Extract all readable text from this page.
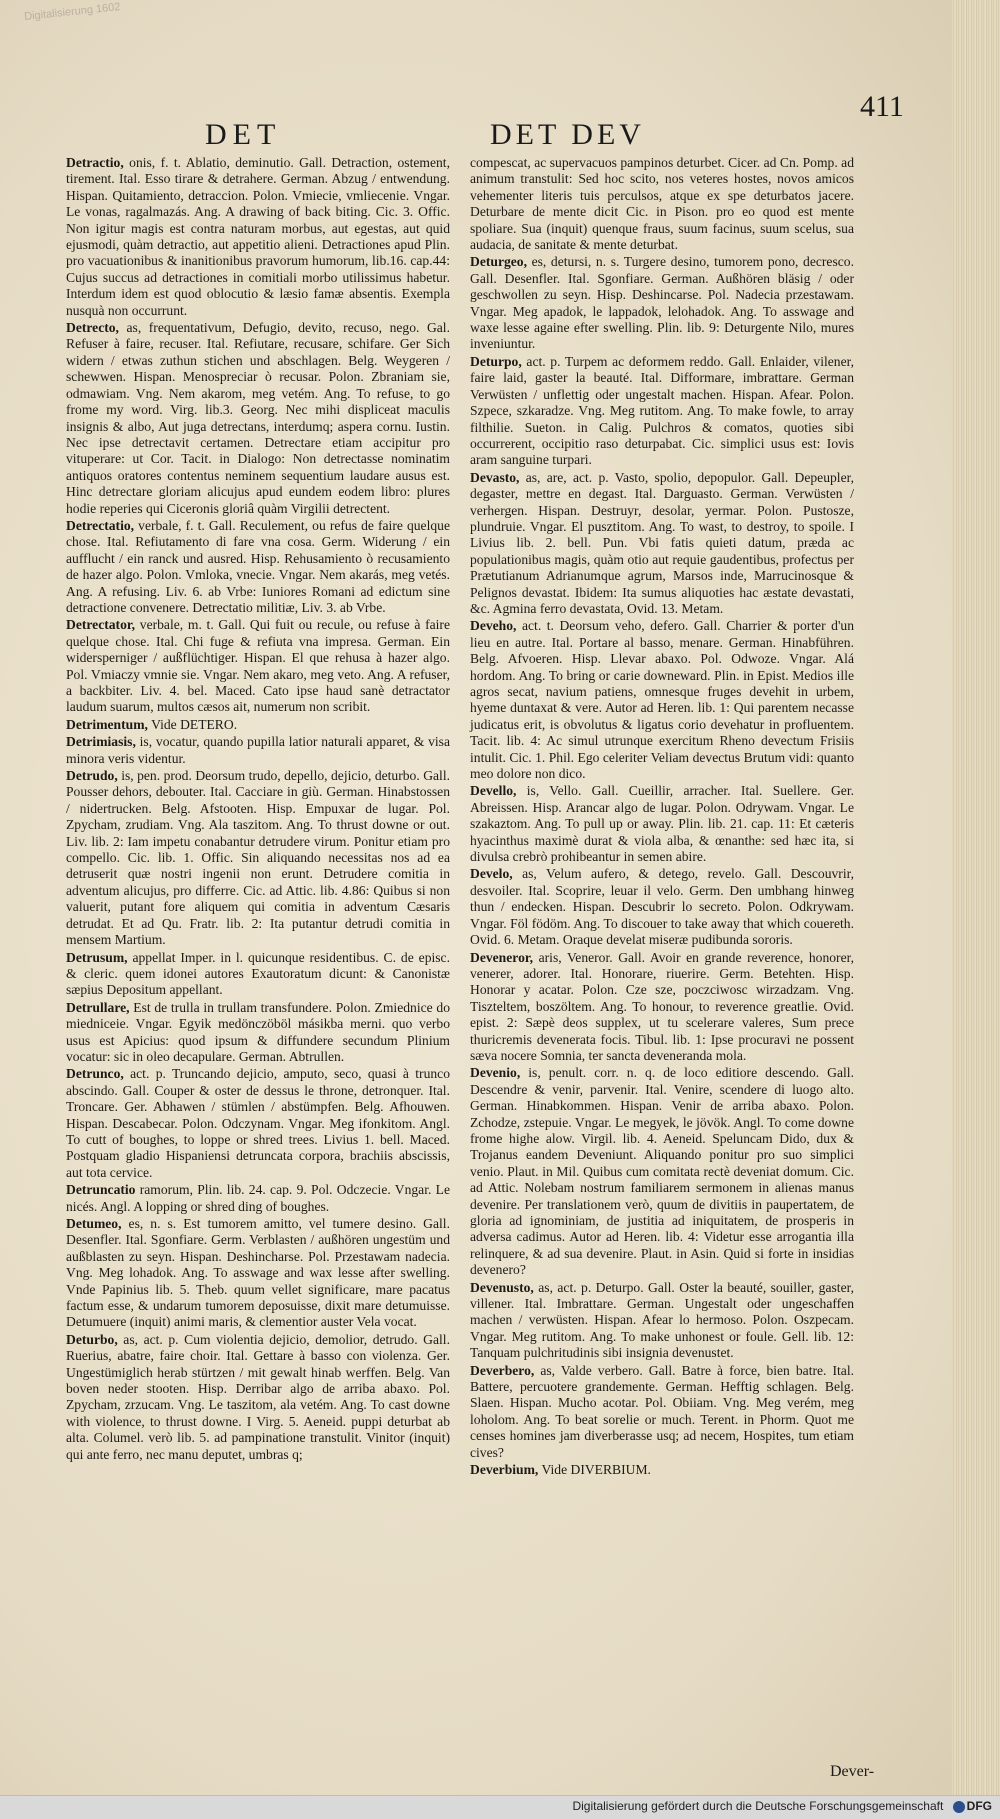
Digitalisierung 1602
DET	DET DEV
411
Detractio, onis, f. t. Ablatio, deminutio. Gall. Detraction, ostement, tirement. Ital. Esso tirare & detrahere. German. Abzug / entwendung. Hispan. Quitamiento, detraccion. Polon. Vmiecie, vmliecenie. Vngar. Le vonas, ragalmazás. Ang. A drawing of back biting. Cic. 3. Offic. Non igitur magis est contra naturam morbus, aut egestas, aut quid ejusmodi, quàm detractio, aut appetitio alieni. Detractiones apud Plin. pro vacuationibus & inanitionibus pravorum humorum, lib.16. cap.44: Cujus succus ad detractiones in comitiali morbo utilissimus habetur. Interdum idem est quod oblocutio & læsio famæ absentis. Exempla nusquà non occurrunt.
Detrecto, as, frequentativum, Defugio, devito, recuso, nego. Gal. Refuser à faire, recuser. Ital. Refiutare, recusare, schifare. Ger Sich widern / etwas zuthun stichen und abschlagen. Belg. Weygeren / schewwen. Hispan. Menospreciar ò recusar. Polon. Zbraniam sie, odmawiam. Vng. Nem akarom, meg vetém. Ang. To refuse, to go frome my word. Virg. lib.3. Georg. Nec mihi displiceat maculis insignis & albo, Aut juga detrectans, interdumq; aspera cornu. Iustin. Nec ipse detrectavit certamen. Detrectare etiam accipitur pro vituperare: ut Cor. Tacit. in Dialogo: Non detrectasse nominatim antiquos oratores contentus neminem sequentium laudare ausus est. Hinc detrectare gloriam alicujus apud eundem eodem libro: plures hodie reperies qui Ciceronis gloriâ quàm Virgilii detrectent.
Detrectatio, verbale, f. t. Gall. Reculement, ou refus de faire quelque chose. Ital. Refiutamento di fare vna cosa. Germ. Widerung / ein aufflucht / ein ranck und ausred. Hisp. Rehusamiento ò recusamiento de hazer algo. Polon. Vmloka, vnecie. Vngar. Nem akarás, meg vetés. Ang. A refusing. Liv. 6. ab Vrbe: Iuniores Romani ad edictum sine detractione convenere. Detrectatio militiæ, Liv. 3. ab Vrbe.
Detrectator, verbale, m. t. Gall. Qui fuit ou recule, ou refuse à faire quelque chose. Ital. Chi fuge & refiuta vna impresa. German. Ein widersperniger / außflüchtiger. Hispan. El que rehusa à hazer algo. Pol. Vmiaczy vmnie sie. Vngar. Nem akaro, meg veto. Ang. A refuser, a backbiter. Liv. 4. bel. Maced. Cato ipse haud sanè detractator laudum suarum, multos cæsos ait, numerum non scribit.
Detrimentum, Vide DETERO.
Detrimiasis, is, vocatur, quando pupilla latior naturali apparet, & visa minora veris videntur.
Detrudo, is, pen. prod. Deorsum trudo, depello, dejicio, deturbo. Gall. Pousser dehors, debouter. Ital. Cacciare in giù. German. Hinabstossen / nidertrucken. Belg. Afstooten. Hisp. Empuxar de lugar. Pol. Zpycham, zrudiam. Vng. Ala taszitom. Ang. To thrust downe or out. Liv. lib. 2: Iam impetu conabantur detrudere virum. Ponitur etiam pro compello. Cic. lib. 1. Offic. Sin aliquando necessitas nos ad ea detruserit quæ nostri ingenii non erunt. Detrudere comitia in adventum alicujus, pro differre. Cic. ad Attic. lib. 4.86: Quibus si non valuerit, putant fore aliquem qui comitia in adventum Cæsaris detrudat. Et ad Qu. Fratr. lib. 2: Ita putantur detrudi comitia in mensem Martium.
Detrusum, appellat Imper. in l. quicunque residentibus. C. de episc. & cleric. quem idonei autores Exautoratum dicunt: & Canonistæ sæpius Depositum appellant.
Detrullare, Est de trulla in trullam transfundere. Polon. Zmiednice do miedniceie. Vngar. Egyik medönczöböl másikba merni. quo verbo usus est Apicius: quod ipsum & diffundere secundum Plinium vocatur: sic in oleo decapulare. German. Abtrullen.
Detrunco, act. p. Truncando dejicio, amputo, seco, quasi à trunco abscindo. Gall. Couper & oster de dessus le throne, detronquer. Ital. Troncare. Ger. Abhawen / stümlen / abstümpfen. Belg. Afhouwen. Hispan. Descabecar. Polon. Odczynam. Vngar. Meg ifonkitom. Angl. To cutt of boughes, to loppe or shred trees. Livius 1. bell. Maced. Postquam gladio Hispaniensi detruncata corpora, brachiis abscissis, aut tota cervice.
Detruncatio ramorum, Plin. lib. 24. cap. 9. Pol. Odczecie. Vngar. Le nicés. Angl. A lopping or shred ding of boughes.
Detumeo, es, n. s. Est tumorem amitto, vel tumere desino. Gall. Desenfler. Ital. Sgonfiare. Germ. Verblasten / außhören ungestüm und außblasten zu seyn. Hispan. Deshincharse. Pol. Przestawam nadecia. Vng. Meg lohadok. Ang. To asswage and wax lesse after swelling. Vnde Papinius lib. 5. Theb. quum vellet significare, mare pacatus factum esse, & undarum tumorem deposuisse, dixit mare detumuisse. Detumuere (inquit) animi maris, & clementior auster Vela vocat.
Deturbo, as, act. p. Cum violentia dejicio, demolior, detrudo. Gall. Ruerius, abatre, faire choir. Ital. Gettare à basso con violenza. Ger. Ungestümiglich herab stürtzen / mit gewalt hinab werffen. Belg. Van boven neder stooten. Hisp. Derribar algo de arriba abaxo. Pol. Zpycham, zrzucam. Vng. Le taszitom, ala vetém. Ang. To cast downe with violence, to thrust downe. I Virg. 5. Aeneid. puppi deturbat ab alta. Columel. verò lib. 5. ad pampinatione transtulit. Vinitor (inquit) qui ante ferro, nec manu deputet, umbras q;
compescat, ac supervacuos pampinos deturbet. Cicer. ad Cn. Pomp. ad animum transtulit: Sed hoc scito, nos veteres hostes, novos amicos vehementer literis tuis perculsos, atque ex spe deturbatos jacere. Deturbare de mente dicit Cic. in Pison. pro eo quod est mente spoliare. Sua (inquit) quenque fraus, suum facinus, suum scelus, sua audacia, de sanitate & mente deturbat.
Deturgeo, es, detursi, n. s. Turgere desino, tumorem pono, decresco. Gall. Desenfler. Ital. Sgonfiare. German. Außhören bläsig / oder geschwollen zu seyn. Hisp. Deshincarse. Pol. Nadecia przestawam. Vngar. Meg apadok, le lappadok, lelohadok. Ang. To asswage and waxe lesse againe efter swelling. Plin. lib. 9: Deturgente Nilo, mures inveniuntur.
Deturpo, act. p. Turpem ac deformem reddo. Gall. Enlaider, vilener, faire laid, gaster la beauté. Ital. Difformare, imbrattare. German Verwüsten / unflettig oder ungestalt machen. Hispan. Afear. Polon. Szpece, szkaradze. Vng. Meg rutitom. Ang. To make fowle, to array filthilie. Sueton. in Calig. Pulchros & comatos, quoties sibi occurrerent, occipitio raso deturpabat. Cic. simplici usus est: Iovis aram sanguine turpari.
Devasto, as, are, act. p. Vasto, spolio, depopulor. Gall. Depeupler, degaster, mettre en degast. Ital. Darguasto. German. Verwüsten / verhergen. Hispan. Destruyr, desolar, yermar. Polon. Pustosze, plundruie. Vngar. El pusztitom. Ang. To wast, to destroy, to spoile. I Livius lib. 2. bell. Pun. Vbi fatis quieti datum, præda ac populationibus magis, quàm otio aut requie gaudentibus, profectus per Prætutianum Adrianumque agrum, Marsos inde, Marrucinosque & Pelignos devastat. Ibidem: Ita sumus aliquoties hac æstate devastati, &c. Agmina ferro devastata, Ovid. 13. Metam.
Deveho, act. t. Deorsum veho, defero. Gall. Charrier & porter d'un lieu en autre. Ital. Portare al basso, menare. German. Hinabführen. Belg. Afvoeren. Hisp. Llevar abaxo. Pol. Odwoze. Vngar. Alá hordom. Ang. To bring or carie downeward. Plin. in Epist. Medios ille agros secat, navium patiens, omnesque fruges devehit in urbem, hyeme duntaxat & vere. Autor ad Heren. lib. 1: Qui parentem necasse judicatus erit, is obvolutus & ligatus corio devehatur in profluentem. Tacit. lib. 4: Ac simul utrunque exercitum Rheno devectum Frisiis intulit. Cic. 1. Phil. Ego celeriter Veliam devectus Brutum vidi: quanto meo dolore non dico.
Devello, is, Vello. Gall. Cueillir, arracher. Ital. Suellere. Ger. Abreissen. Hisp. Arancar algo de lugar. Polon. Odrywam. Vngar. Le szakaztom. Ang. To pull up or away. Plin. lib. 21. cap. 11: Et cæteris hyacinthus maximè durat & viola alba, & œnanthe: sed hæc ita, si divulsa crebrò prohibeantur in semen abire.
Develo, as, Velum aufero, & detego, revelo. Gall. Descouvrir, desvoiler. Ital. Scoprire, leuar il velo. Germ. Den umbhang hinweg thun / endecken. Hispan. Descubrir lo secreto. Polon. Odkrywam. Vngar. Föl födöm. Ang. To discouer to take away that which couereth. Ovid. 6. Metam. Oraque develat miseræ pudibunda sororis.
Deveneror, aris, Veneror. Gall. Avoir en grande reverence, honorer, venerer, adorer. Ital. Honorare, riuerire. Germ. Betehten. Hisp. Honorar y acatar. Polon. Cze sze, poczciwosc wirzadzam. Vng. Tiszteltem, boszöltem. Ang. To honour, to reverence greatlie. Ovid. epist. 2: Sæpè deos supplex, ut tu scelerare valeres, Sum prece thuricremis devenerata focis. Tibul. lib. 1: Ipse procuravi ne possent sæva nocere Somnia, ter sancta deveneranda mola.
Devenio, is, penult. corr. n. q. de loco editiore descendo. Gall. Descendre & venir, parvenir. Ital. Venire, scendere di luogo alto. German. Hinabkommen. Hispan. Venir de arriba abaxo. Polon. Zchodze, zstepuie. Vngar. Le megyek, le jövök. Angl. To come downe frome highe alow. Virgil. lib. 4. Aeneid. Speluncam Dido, dux & Trojanus eandem Deveniunt. Aliquando ponitur pro suo simplici venio. Plaut. in Mil. Quibus cum comitata rectè deveniat domum. Cic. ad Attic. Nolebam nostrum familiarem sermonem in alienas manus devenire. Per translationem verò, quum de divitiis in paupertatem, de gloria ad ignominiam, de justitia ad iniquitatem, de prosperis in adversa cadimus. Autor ad Heren. lib. 4: Videtur esse arrogantia illa relinquere, & ad sua devenire. Plaut. in Asin. Quid si forte in insidias devenero?
Devenusto, as, act. p. Deturpo. Gall. Oster la beauté, souiller, gaster, villener. Ital. Imbrattare. German. Ungestalt oder ungeschaffen machen / verwüsten. Hispan. Afear lo hermoso. Polon. Oszpecam. Vngar. Meg rutitom. Ang. To make unhonest or foule. Gell. lib. 12: Tanquam pulchritudinis sibi insignia devenustet.
Deverbero, as, Valde verbero. Gall. Batre à force, bien batre. Ital. Battere, percuotere grandemente. German. Hefftig schlagen. Belg. Slaen. Hispan. Mucho acotar. Pol. Obiiam. Vng. Meg verém, meg loholom. Ang. To beat sorelie or much. Terent. in Phorm. Quot me censes homines jam diverberasse usq; ad necem, Hospites, tum etiam cives?
Deverbium, Vide DIVERBIUM.
Dever-
Digitalisierung gefördert durch die Deutsche Forschungsgemeinschaft DFG
